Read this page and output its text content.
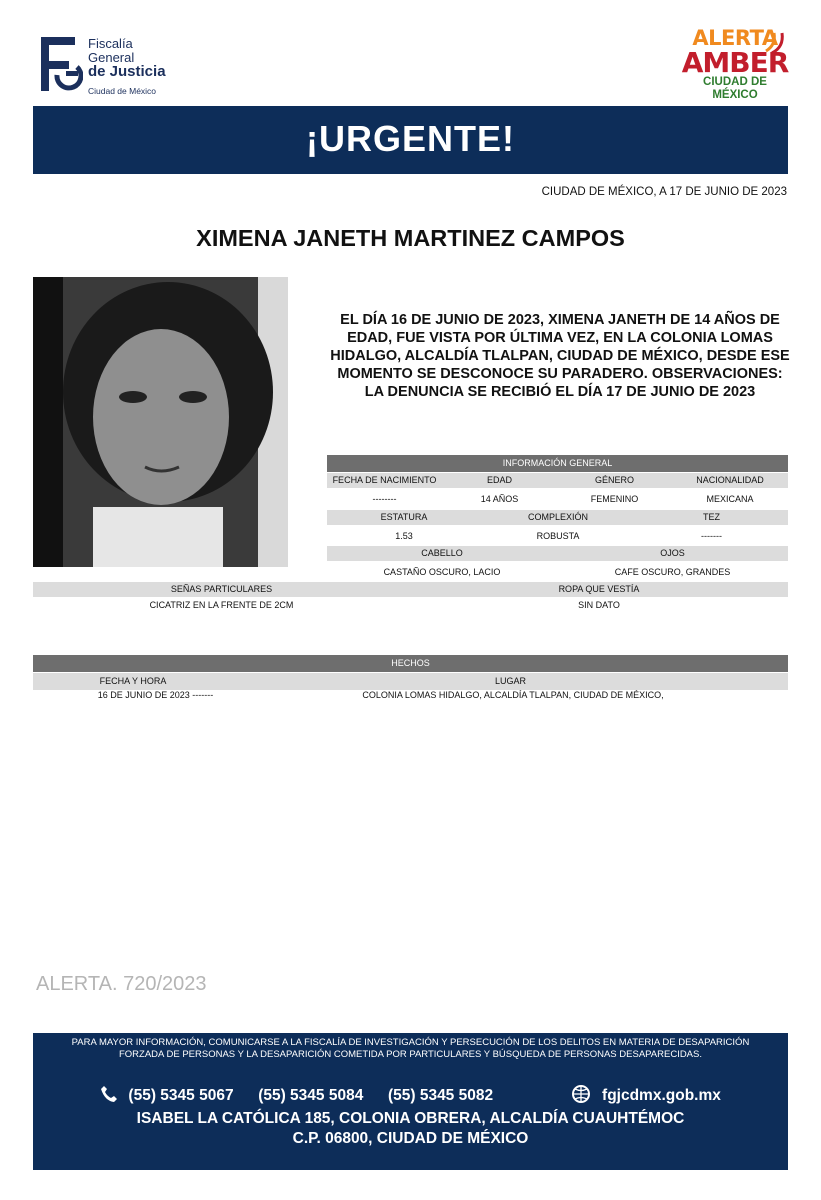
Fiscalía
General
de Justicia
Ciudad de México
ALERTA
AMBER
CIUDAD DE MÉXICO
¡URGENTE!
CIUDAD DE MÉXICO, A 17 DE JUNIO DE 2023
XIMENA JANETH MARTINEZ CAMPOS
EL DÍA 16 DE JUNIO DE 2023, XIMENA JANETH DE 14 AÑOS DE EDAD, FUE VISTA POR ÚLTIMA VEZ, EN LA COLONIA LOMAS HIDALGO, ALCALDÍA TLALPAN, CIUDAD DE MÉXICO, DESDE ESE MOMENTO SE DESCONOCE SU PARADERO. OBSERVACIONES: LA DENUNCIA SE RECIBIÓ EL DÍA 17 DE JUNIO DE 2023
INFORMACIÓN GENERAL
FECHA DE NACIMIENTO	EDAD	GÉNERO	NACIONALIDAD
--------	14 AÑOS	FEMENINO	MEXICANA
ESTATURA	COMPLEXIÓN	TEZ
1.53	ROBUSTA	-------
CABELLO	OJOS
CASTAÑO OSCURO, LACIO	CAFE OSCURO, GRANDES
SEÑAS PARTICULARES	ROPA QUE VESTÍA
CICATRIZ EN LA FRENTE DE 2CM	SIN DATO
HECHOS
FECHA Y HORA	LUGAR
16 DE JUNIO DE 2023 -------	COLONIA LOMAS HIDALGO, ALCALDÍA TLALPAN, CIUDAD DE MÉXICO,
ALERTA. 720/2023
PARA MAYOR INFORMACIÓN, COMUNICARSE A LA FISCALÍA DE INVESTIGACIÓN Y PERSECUCIÓN DE LOS DELITOS EN MATERIA DE DESAPARICIÓN
FORZADA DE PERSONAS Y LA DESAPARICIÓN COMETIDA POR PARTICULARES Y BÚSQUEDA DE PERSONAS DESAPARECIDAS.
(55) 5345 5067 (55) 5345 5084 (55) 5345 5082	fgjcdmx.gob.mx
ISABEL LA CATÓLICA 185, COLONIA OBRERA, ALCALDÍA CUAUHTÉMOC
C.P. 06800, CIUDAD DE MÉXICO
